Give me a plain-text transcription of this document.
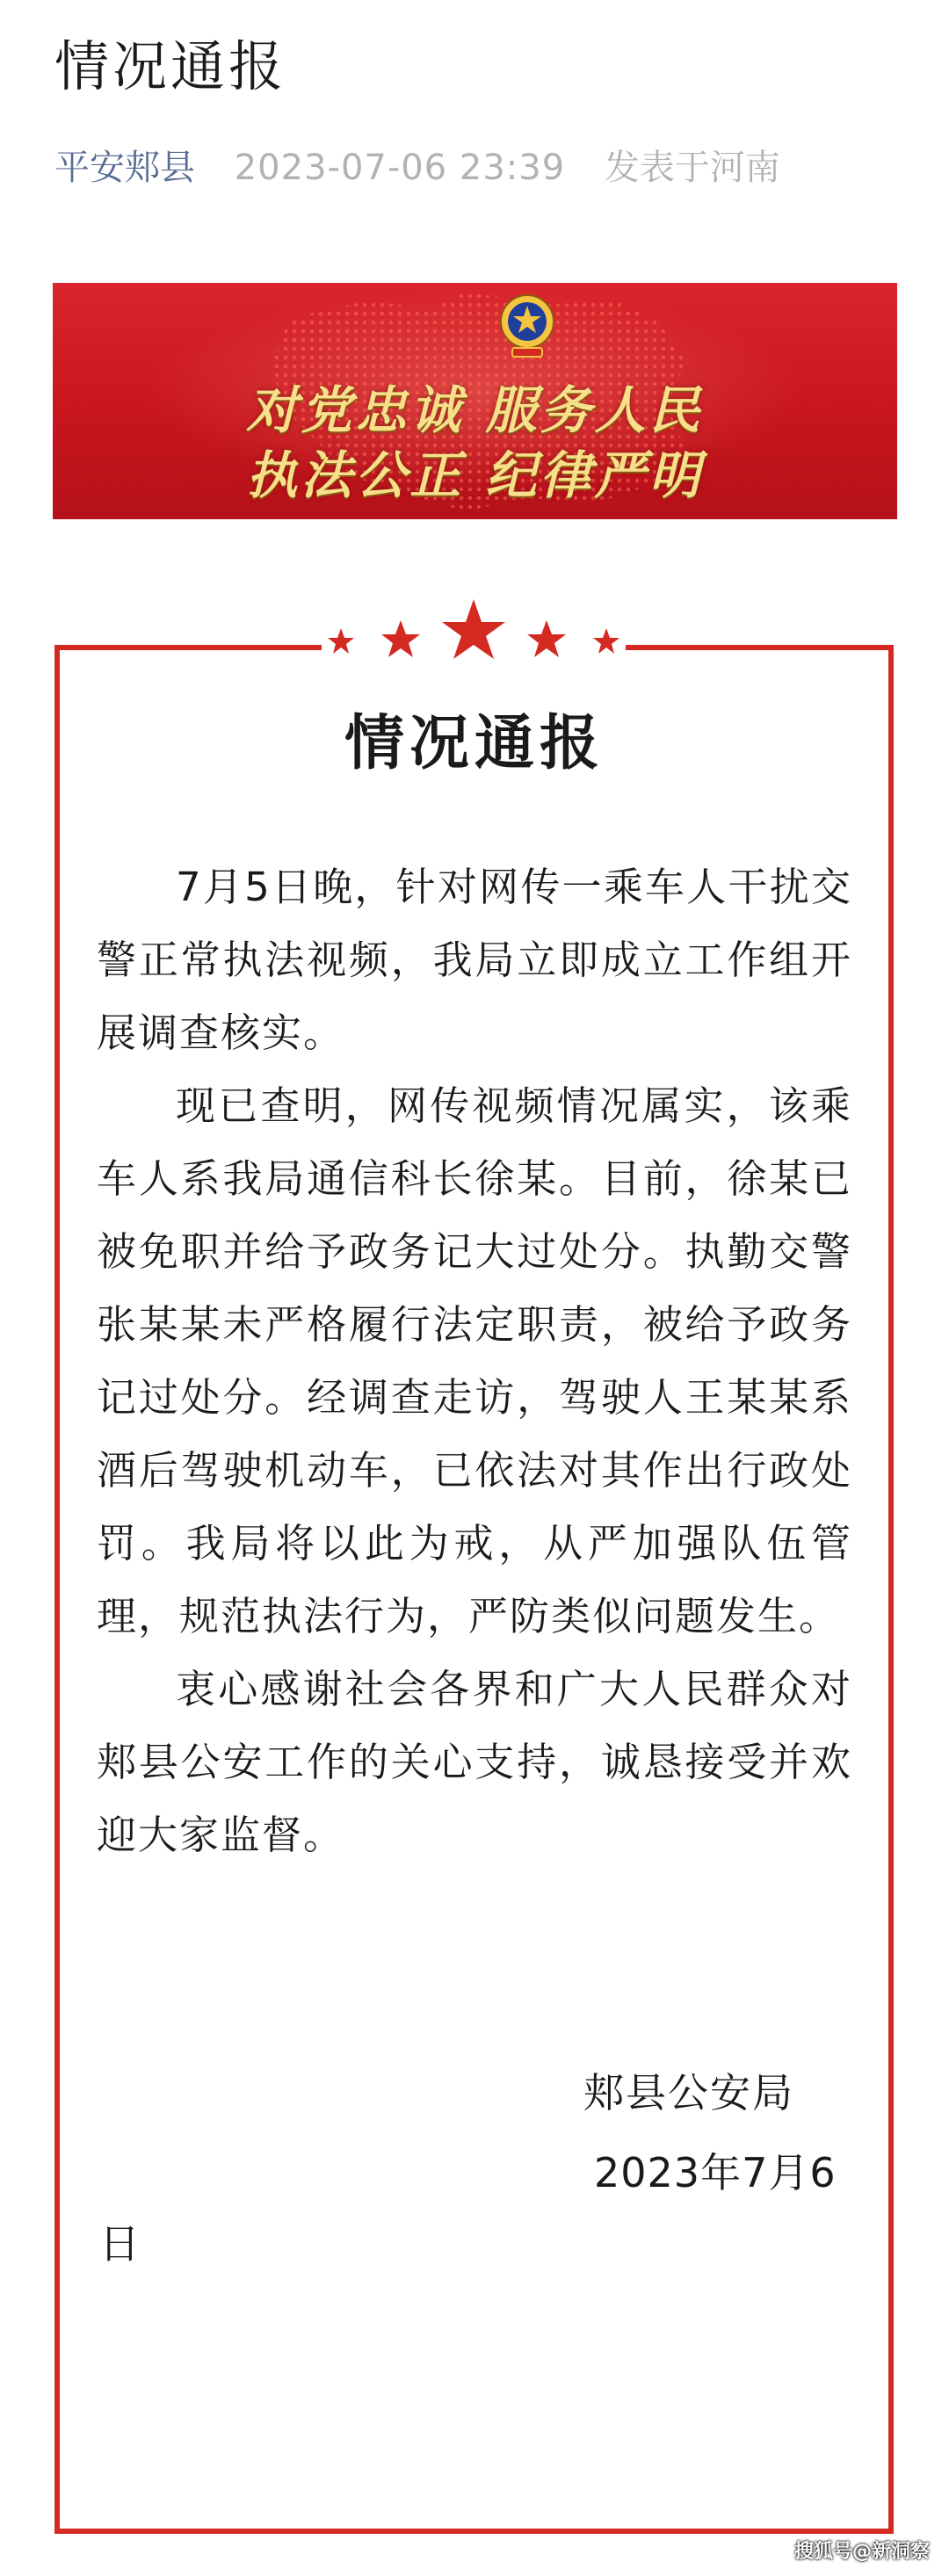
情况通报
平安郏县 2023-07-06 23:39 发表于河南
对党忠诚 服务人民
执法公正 纪律严明
情况通报

7月5日晚，针对网传一乘车人干扰交警正常执法视频，我局立即成立工作组开展调查核实。

现已查明，网传视频情况属实，该乘车人系我局通信科长徐某。目前，徐某已被免职并给予政务记大过处分。执勤交警张某某未严格履行法定职责，被给予政务记过处分。经调查走访，驾驶人王某某系酒后驾驶机动车，已依法对其作出行政处罚。我局将以此为戒，从严加强队伍管理，规范执法行为，严防类似问题发生。

衷心感谢社会各界和广大人民群众对郏县公安工作的关心支持，诚恳接受并欢迎大家监督。

郏县公安局
2023年7月6
日
搜狐号@新洞察
